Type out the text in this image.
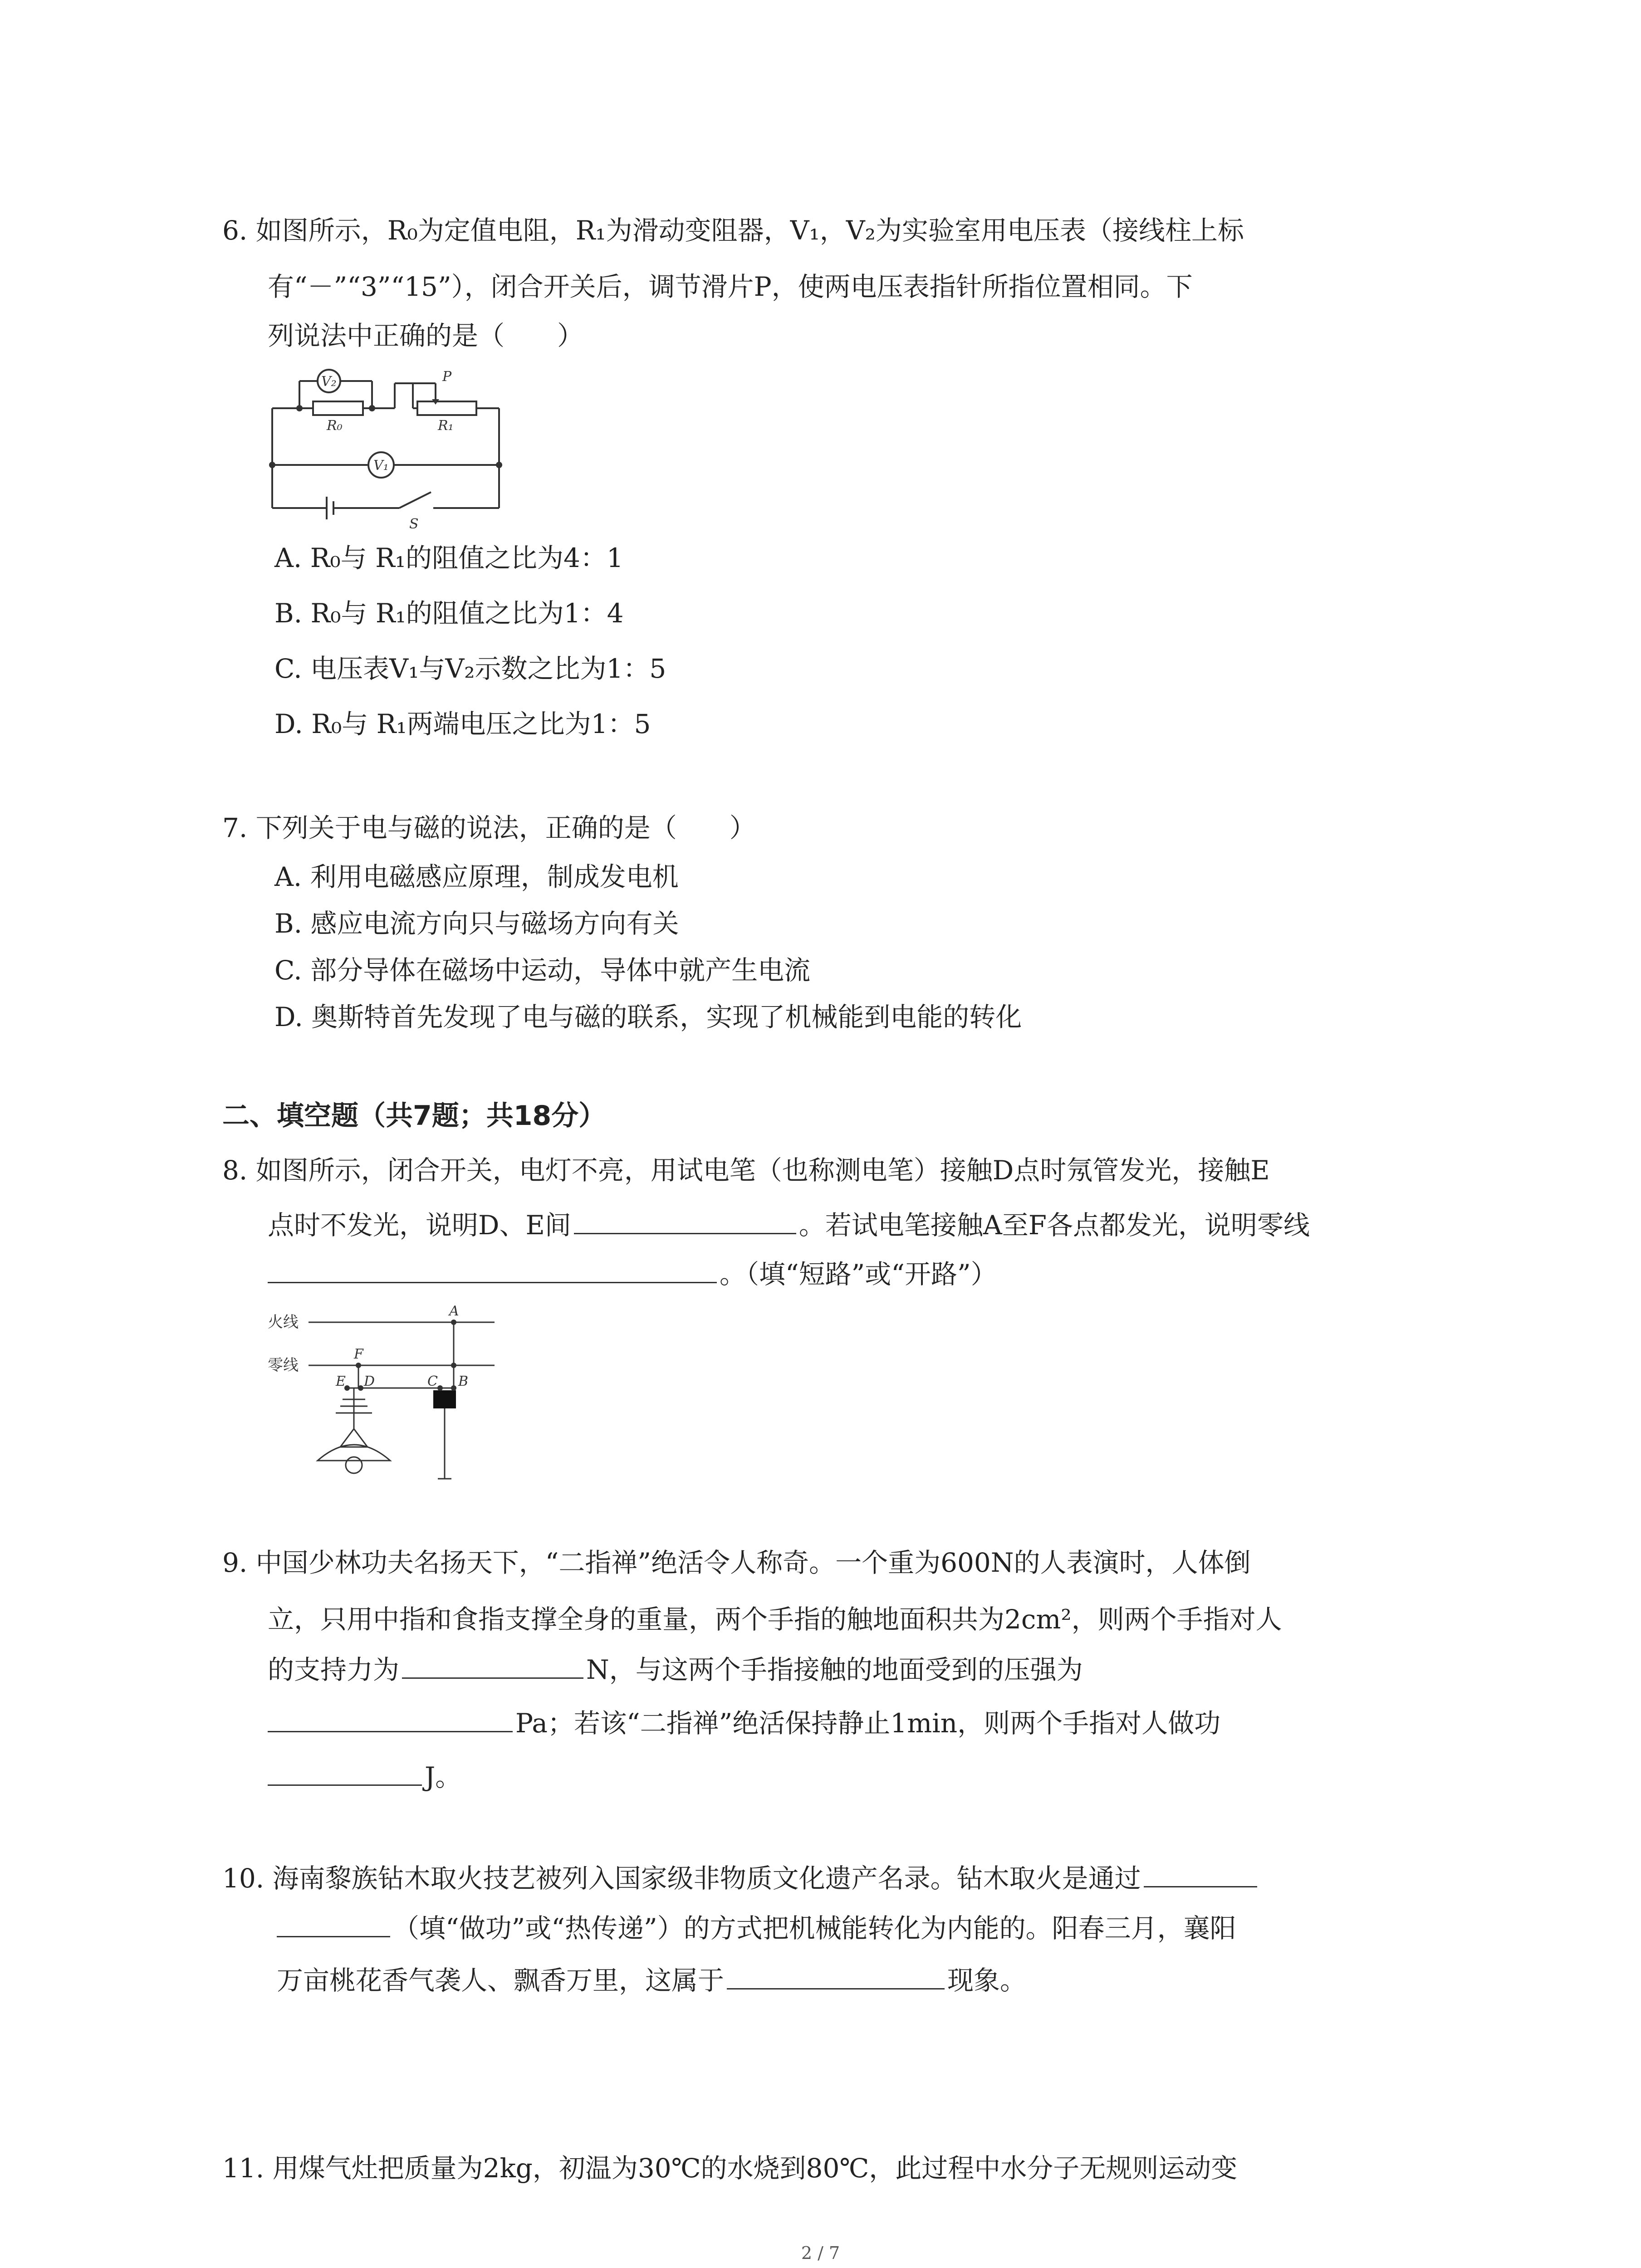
6. 如图所示，R₀为定值电阻，R₁为滑动变阻器，V₁，V₂为实验室用电压表（接线柱上标
有“－”“3”“15”），闭合开关后，调节滑片P，使两电压表指针所指位置相同。下
列说法中正确的是（　　）
V₂
V₁
P
R₀	R₁
S
A. R₀与 R₁的阻值之比为4：1
B. R₀与 R₁的阻值之比为1：4
C. 电压表V₁与V₂示数之比为1：5
D. R₀与 R₁两端电压之比为1：5
7. 下列关于电与磁的说法，正确的是（　　）
A. 利用电磁感应原理，制成发电机
B. 感应电流方向只与磁场方向有关
C. 部分导体在磁场中运动，导体中就产生电流
D. 奥斯特首先发现了电与磁的联系，实现了机械能到电能的转化
二、填空题（共7题；共18分）
8. 如图所示，闭合开关，电灯不亮，用试电笔（也称测电笔）接触D点时氖管发光，接触E
点时不发光，说明D、E间	。若试电笔接触A至F各点都发光，说明零线
。（填“短路”或“开路”）
火线
零线
A
F
E D	C B
9. 中国少林功夫名扬天下，“二指禅”绝活令人称奇。一个重为600N的人表演时，人体倒
立，只用中指和食指支撑全身的重量，两个手指的触地面积共为2cm²，则两个手指对人
的支持力为	N，与这两个手指接触的地面受到的压强为
Pa；若该“二指禅”绝活保持静止1min，则两个手指对人做功
J。
10. 海南黎族钻木取火技艺被列入国家级非物质文化遗产名录。钻木取火是通过
（填“做功”或“热传递”）的方式把机械能转化为内能的。阳春三月，襄阳
万亩桃花香气袭人、飘香万里，这属于	现象。
11. 用煤气灶把质量为2kg，初温为30℃的水烧到80℃，此过程中水分子无规则运动变
2 / 7
